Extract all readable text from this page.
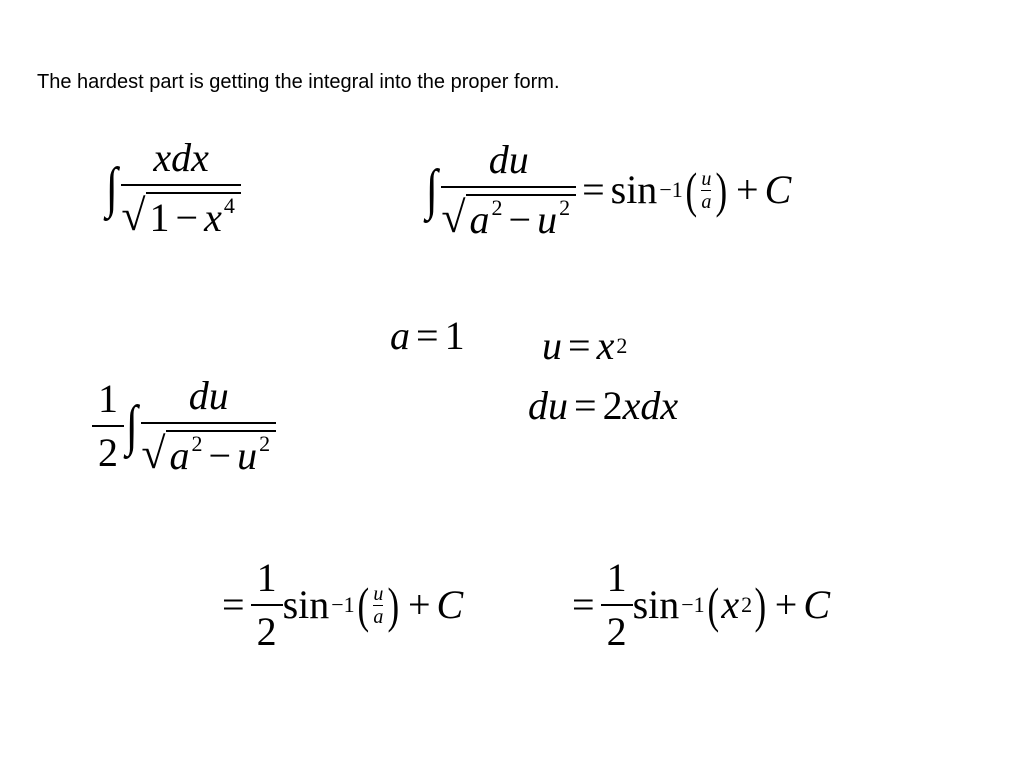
The hardest part is getting the integral into the proper form.
∫ $\frac{\text{xdx}}{√ 1 - x^4}$	∫ $\frac{du}{√ a^2 - u^2} = \sin -1$ ( $\frac{u}{a}$ ) + C
a = 1 u = x 2
du = 2 xdx
$\frac{1}{2}$ ∫ $\frac{du}{√ a^2 - u^2}$
= $\frac{1}{2}$ sin −1 ( $\frac{u}{a}$ ) + C	= $\frac{1}{2}$ sin −1 ( x 2 ) + C
